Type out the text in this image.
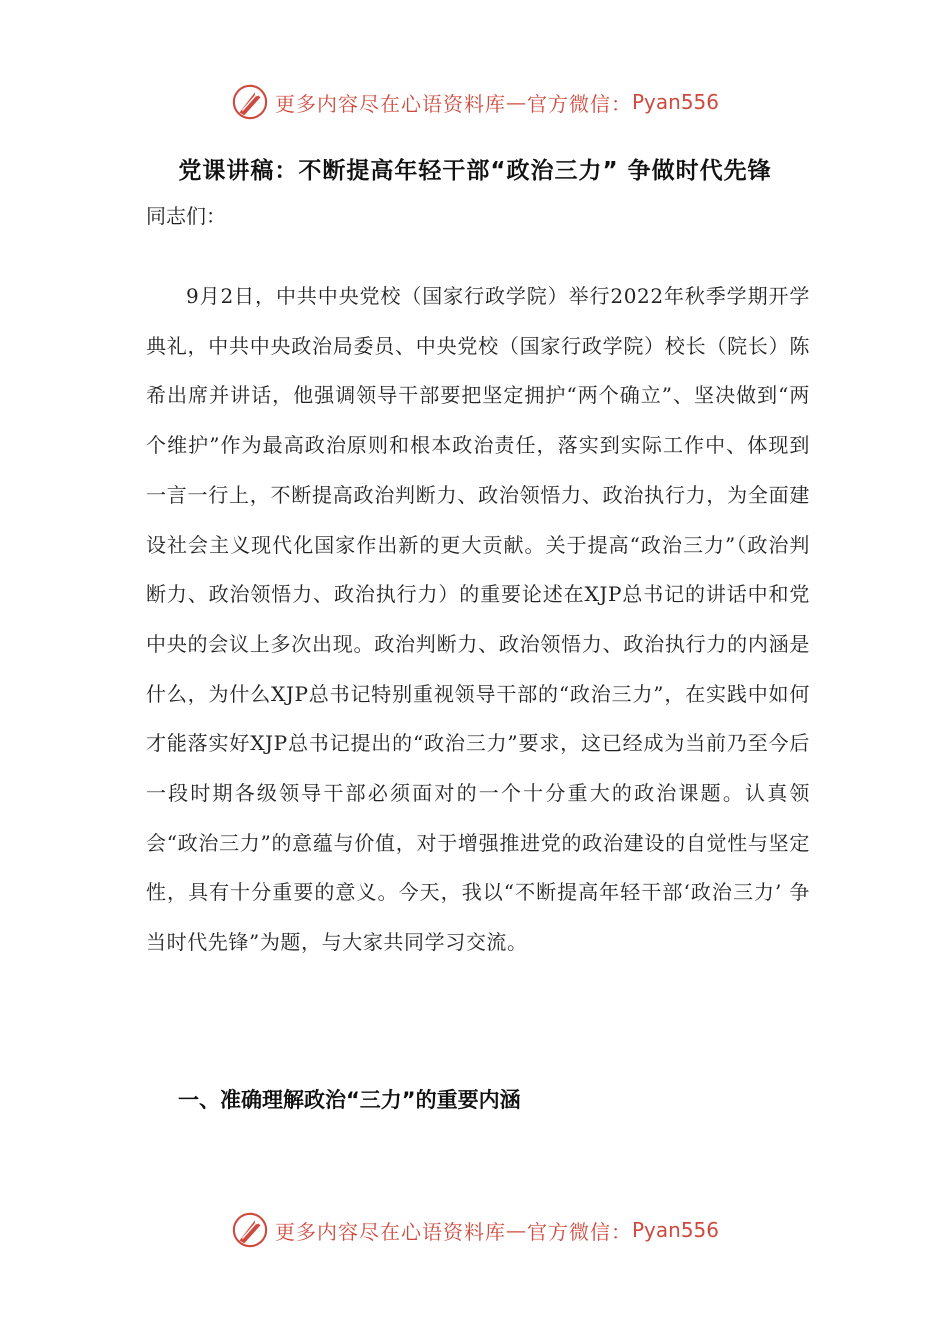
更多内容尽在心语资料库 — 官方微信： Pyan556
党课讲稿：不断提高年轻干部“政治三力” 争做时代先锋
同志们：

9月2日，中共中央党校（国家行政学院）举行2022年秋季学期开学典礼，中共中央政治局委员、中央党校（国家行政学院）校长（院长）陈希出席并讲话，他强调领导干部要把坚定拥护“两个确立”、坚决做到“两个维护”作为最高政治原则和根本政治责任，落实到实际工作中、体现到一言一行上，不断提高政治判断力、政治领悟力、政治执行力，为全面建设社会主义现代化国家作出新的更大贡献。关于提高“政治三力”（政治判断力、政治领悟力、政治执行力）的重要论述在XJP总书记的讲话中和党中央的会议上多次出现。政治判断力、政治领悟力、政治执行力的内涵是什么，为什么XJP总书记特别重视领导干部的“政治三力”，在实践中如何才能落实好XJP总书记提出的“政治三力”要求，这已经成为当前乃至今后一段时期各级领导干部必须面对的一个十分重大的政治课题。认真领会“政治三力”的意蕴与价值，对于增强推进党的政治建设的自觉性与坚定性，具有十分重要的意义。今天，我以“不断提高年轻干部‘政治三力’ 争当时代先锋”为题，与大家共同学习交流。

一、准确理解政治“三力”的重要内涵
更多内容尽在心语资料库 — 官方微信： Pyan556
